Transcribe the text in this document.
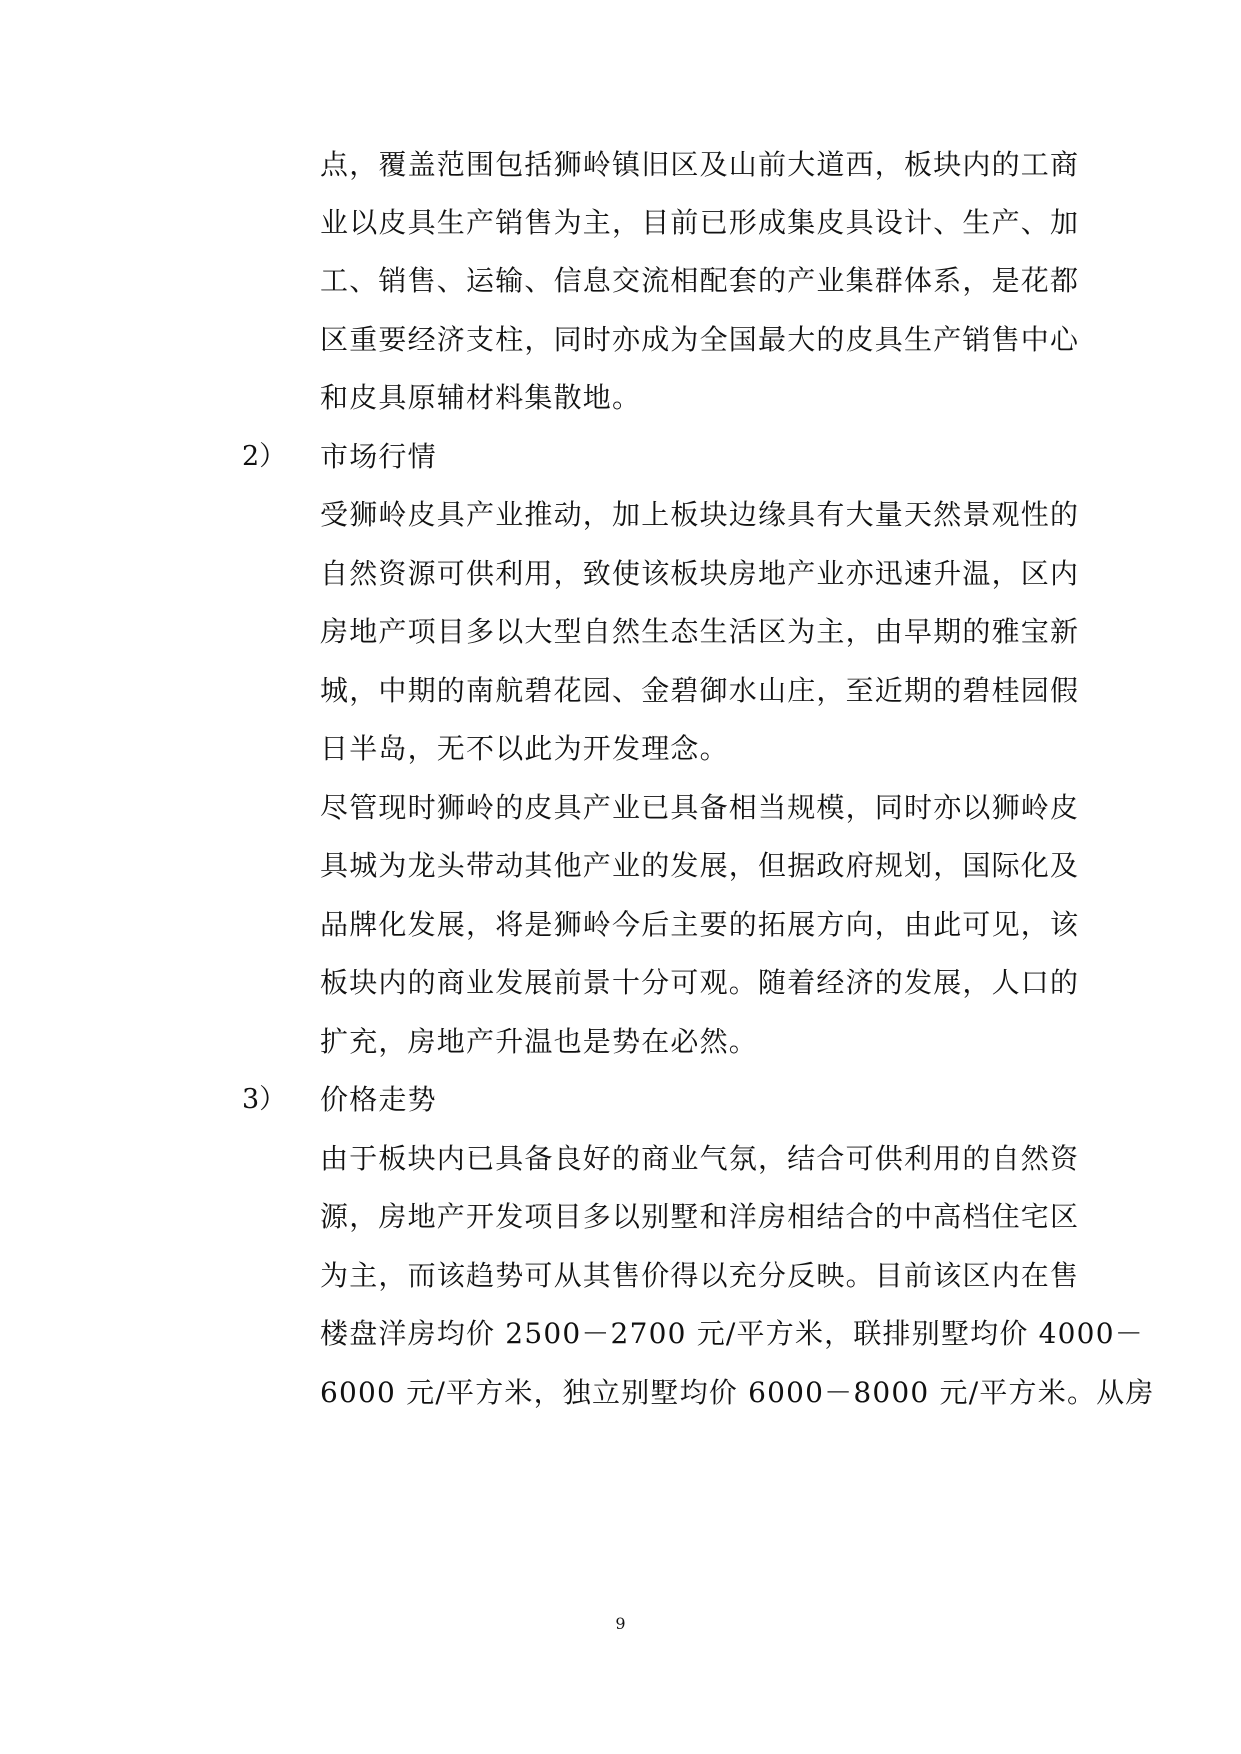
点，覆盖范围包括狮岭镇旧区及山前大道西，板块内的工商
业以皮具生产销售为主，目前已形成集皮具设计、生产、加
工、销售、运输、信息交流相配套的产业集群体系，是花都
区重要经济支柱，同时亦成为全国最大的皮具生产销售中心
和皮具原辅材料集散地。
2） 市场行情
受狮岭皮具产业推动，加上板块边缘具有大量天然景观性的
自然资源可供利用，致使该板块房地产业亦迅速升温，区内
房地产项目多以大型自然生态生活区为主，由早期的雅宝新
城，中期的南航碧花园、金碧御水山庄，至近期的碧桂园假
日半岛，无不以此为开发理念。
尽管现时狮岭的皮具产业已具备相当规模，同时亦以狮岭皮
具城为龙头带动其他产业的发展，但据政府规划，国际化及
品牌化发展，将是狮岭今后主要的拓展方向，由此可见，该
板块内的商业发展前景十分可观。随着经济的发展，人口的
扩充，房地产升温也是势在必然。
3） 价格走势
由于板块内已具备良好的商业气氛，结合可供利用的自然资
源，房地产开发项目多以别墅和洋房相结合的中高档住宅区
为主，而该趋势可从其售价得以充分反映。目前该区内在售
楼盘洋房均价 2500－2700 元/平方米，联排别墅均价 4000－
6000 元/平方米，独立别墅均价 6000－8000 元/平方米。从房
9
